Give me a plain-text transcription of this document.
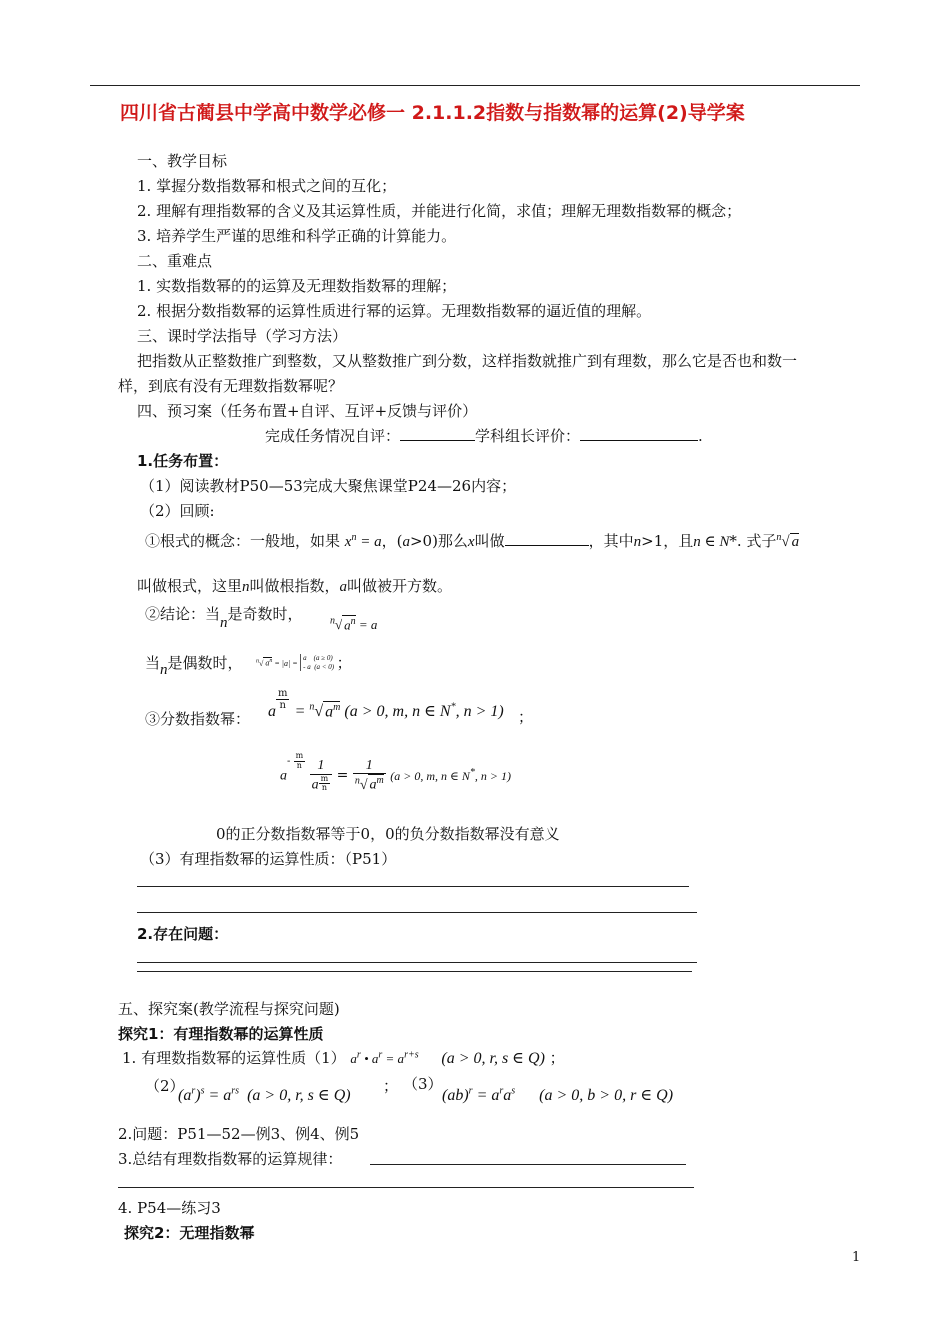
四川省古蔺县中学高中数学必修一 2.1.1.2指数与指数幂的运算(2)导学案
一、教学目标
1. 掌握分数指数幂和根式之间的互化；
2. 理解有理指数幂的含义及其运算性质，并能进行化简，求值；理解无理数指数幂的概念；
3. 培养学生严谨的思维和科学正确的计算能力。
二、重难点
1. 实数指数幂的的运算及无理数指数幂的理解；
2. 根据分数指数幂的运算性质进行幂的运算。无理数指数幂的逼近值的理解。
三、课时学法指导（学习方法）
把指数从正整数推广到整数，又从整数推广到分数，这样指数就推广到有理数，那么它是否也和数一
样，到底有没有无理数指数幂呢？
四、预习案（任务布置+自评、互评+反馈与评价）
完成任务情况自评：	学科组长评价：	.
1.任务布置：
（1）阅读教材P50—53完成大聚焦课堂P24—26内容；
（2）回顾:
①根式的概念：一般地，如果 $x^n = a$，(a>0)那么x叫做	，其中n>1，且n ∈ N*. 式子$^n$√ a
叫做根式，这里n叫做根指数，a叫做被开方数。
②结论：当n是奇数时，	$^n$√ $a^n = a$
当n是偶数时， $^n$√ $a^n = |a| = a$    (a ≥ 0)
- a  (a < 0) ；
③分数指数幂： a
$^{\frac{m}{n}}$
= $^n$√ $a^m$ (a > 0, m, n ∈ N*, n > 1) ；
$a^{- \frac{m}{n}}$
$\frac{1}{a \frac{m}{n}} = \frac{1}{^n√ a^m} (a > 0$, m, n ∈ N*, n > 1)
0的正分数指数幂等于0，0的负分数指数幂没有意义
（3）有理指数幂的运算性质：（P51）
2.存在问题：
五、探究案(教学流程与探究问题)
探究1：有理指数幂的运算性质
1. 有理数指数幂的运算性质（1） $a^r$ • $a^r = a^{r+s}$ (a > 0, r, s ∈ Q) ；
（2）
$(a^r)^s = a^{rs}$  (a > 0, r, s ∈ Q)
； （3）
$(ab)^r = a^ra^s$      (a > 0, b > 0, r ∈ Q)
2.问题：P51—52—例3、例4、例5
3.总结有理数指数幂的运算规律：
4. P54—练习3
探究2：无理指数幂
1
